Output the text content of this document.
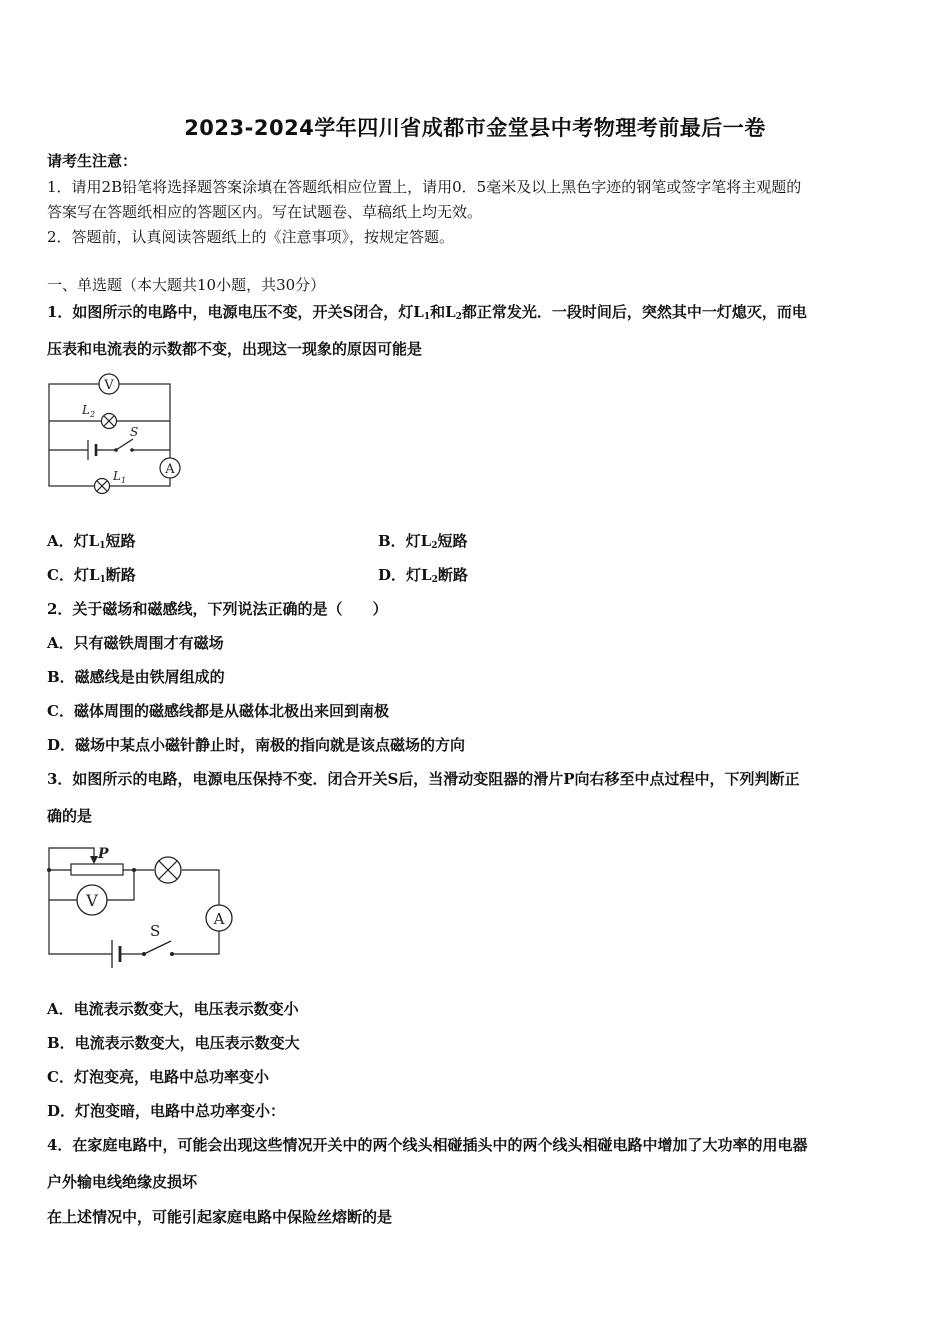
2023-2024学年四川省成都市金堂县中考物理考前最后一卷
请考生注意：
1．请用2B铅笔将选择题答案涂填在答题纸相应位置上，请用0．5毫米及以上黑色字迹的钢笔或签字笔将主观题的
答案写在答题纸相应的答题区内。写在试题卷、草稿纸上均无效。
2．答题前，认真阅读答题纸上的《注意事项》，按规定答题。
一、单选题（本大题共10小题，共30分）
1．如图所示的电路中，电源电压不变，开关S闭合，灯$L_1$和$L_2$都正常发光．一段时间后，突然其中一灯熄灭，而电
压表和电流表的示数都不变，出现这一现象的原因可能是
V
$L_2$
S
A
$L_1$
A．灯$L_1$短路	B．灯$L_2$短路
C．灯$L_1$断路	D．灯$L_2$断路
2．关于磁场和磁感线，下列说法正确的是（　　）
A．只有磁铁周围才有磁场
B．磁感线是由铁屑组成的
C．磁体周围的磁感线都是从磁体北极出来回到南极
D．磁场中某点小磁针静止时，南极的指向就是该点磁场的方向
3．如图所示的电路，电源电压保持不变．闭合开关S后，当滑动变阻器的滑片P向右移至中点过程中，下列判断正
确的是
P
V
A
S
A．电流表示数变大，电压表示数变小
B．电流表示数变大，电压表示数变大
C．灯泡变亮，电路中总功率变小
D．灯泡变暗，电路中总功率变小：
4．在家庭电路中，可能会出现这些情况开关中的两个线头相碰插头中的两个线头相碰电路中增加了大功率的用电器
户外输电线绝缘皮损坏
在上述情况中，可能引起家庭电路中保险丝熔断的是
